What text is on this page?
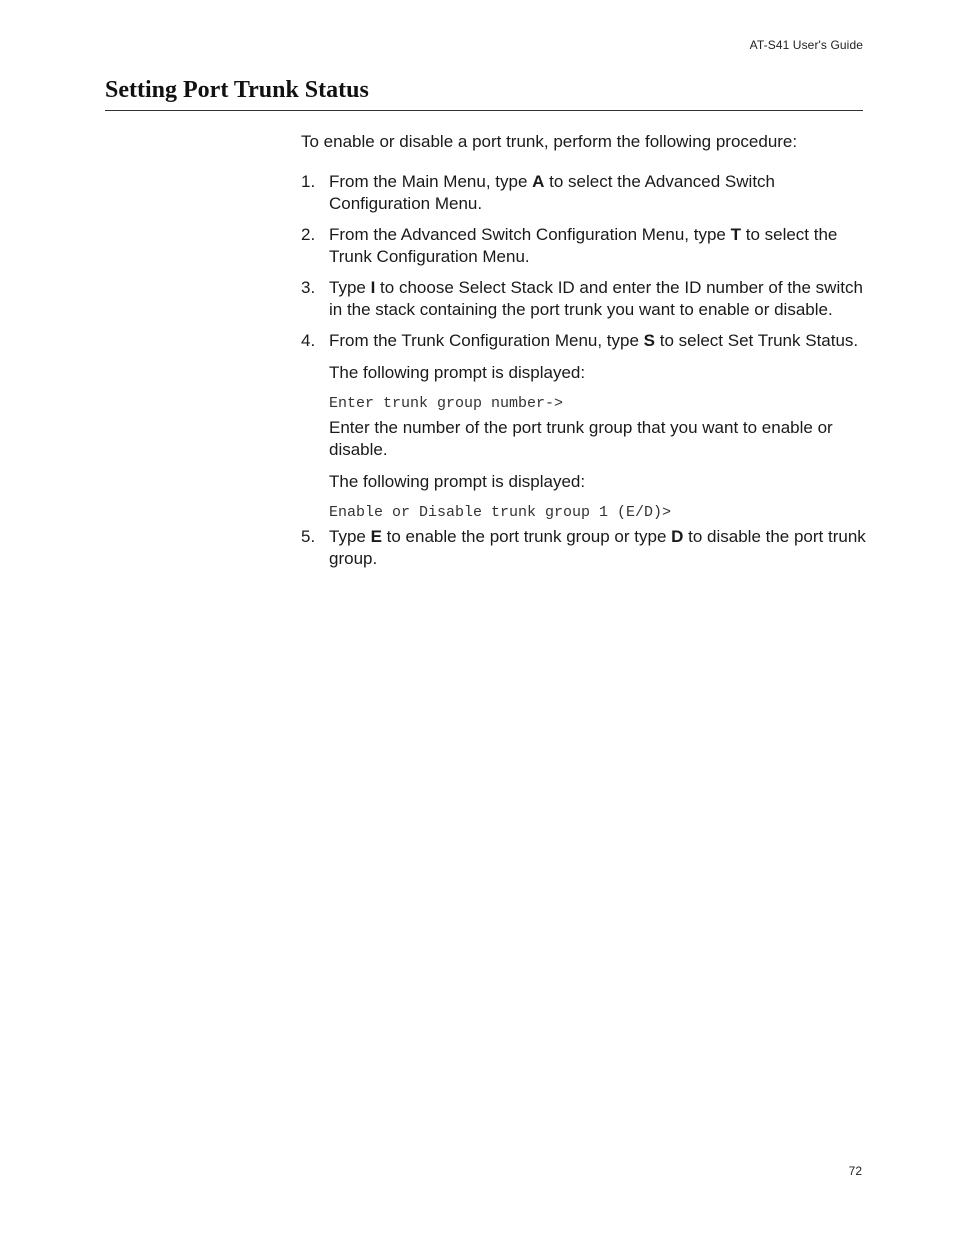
AT-S41 User's Guide
Setting Port Trunk Status

To enable or disable a port trunk, perform the following procedure:

1. From the Main Menu, type A to select the Advanced Switch Configuration Menu.
2. From the Advanced Switch Configuration Menu, type T to select the Trunk Configuration Menu.
3. Type I to choose Select Stack ID and enter the ID number of the switch in the stack containing the port trunk you want to enable or disable.
4. From the Trunk Configuration Menu, type S to select Set Trunk Status.

The following prompt is displayed:

Enter trunk group number->

Enter the number of the port trunk group that you want to enable or disable.

The following prompt is displayed:

Enable or Disable trunk group 1 (E/D)>
5. Type E to enable the port trunk group or type D to disable the port trunk group.
72
